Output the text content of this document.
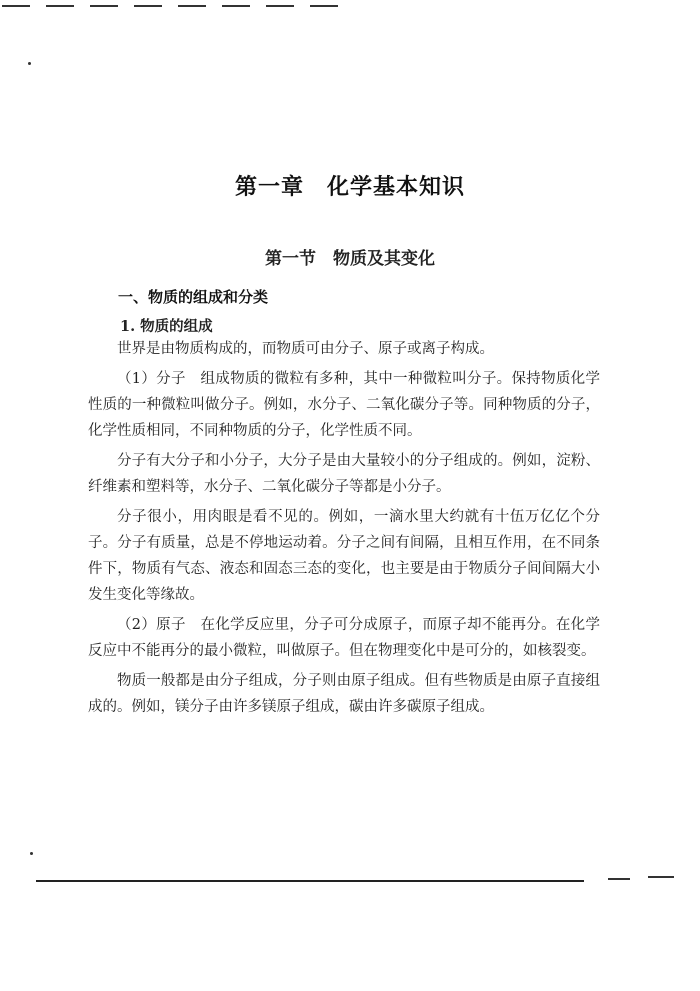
第一章　化学基本知识
第一节　物质及其变化
一、物质的组成和分类
1. 物质的组成

世界是由物质构成的，而物质可由分子、原子或离子构成。

（1）分子　组成物质的微粒有多种，其中一种微粒叫分子。保持物质化学性质的一种微粒叫做分子。例如，水分子、二氧化碳分子等。同种物质的分子，化学性质相同，不同种物质的分子，化学性质不同。

分子有大分子和小分子，大分子是由大量较小的分子组成的。例如，淀粉、纤维素和塑料等，水分子、二氧化碳分子等都是小分子。

分子很小，用肉眼是看不见的。例如，一滴水里大约就有十伍万亿亿个分子。分子有质量，总是不停地运动着。分子之间有间隔，且相互作用，在不同条件下，物质有气态、液态和固态三态的变化，也主要是由于物质分子间间隔大小发生变化等缘故。

（2）原子　在化学反应里，分子可分成原子，而原子却不能再分。在化学反应中不能再分的最小微粒，叫做原子。但在物理变化中是可分的，如核裂变。

物质一般都是由分子组成，分子则由原子组成。但有些物质是由原子直接组成的。例如，镁分子由许多镁原子组成，碳由许多碳原子组成。
